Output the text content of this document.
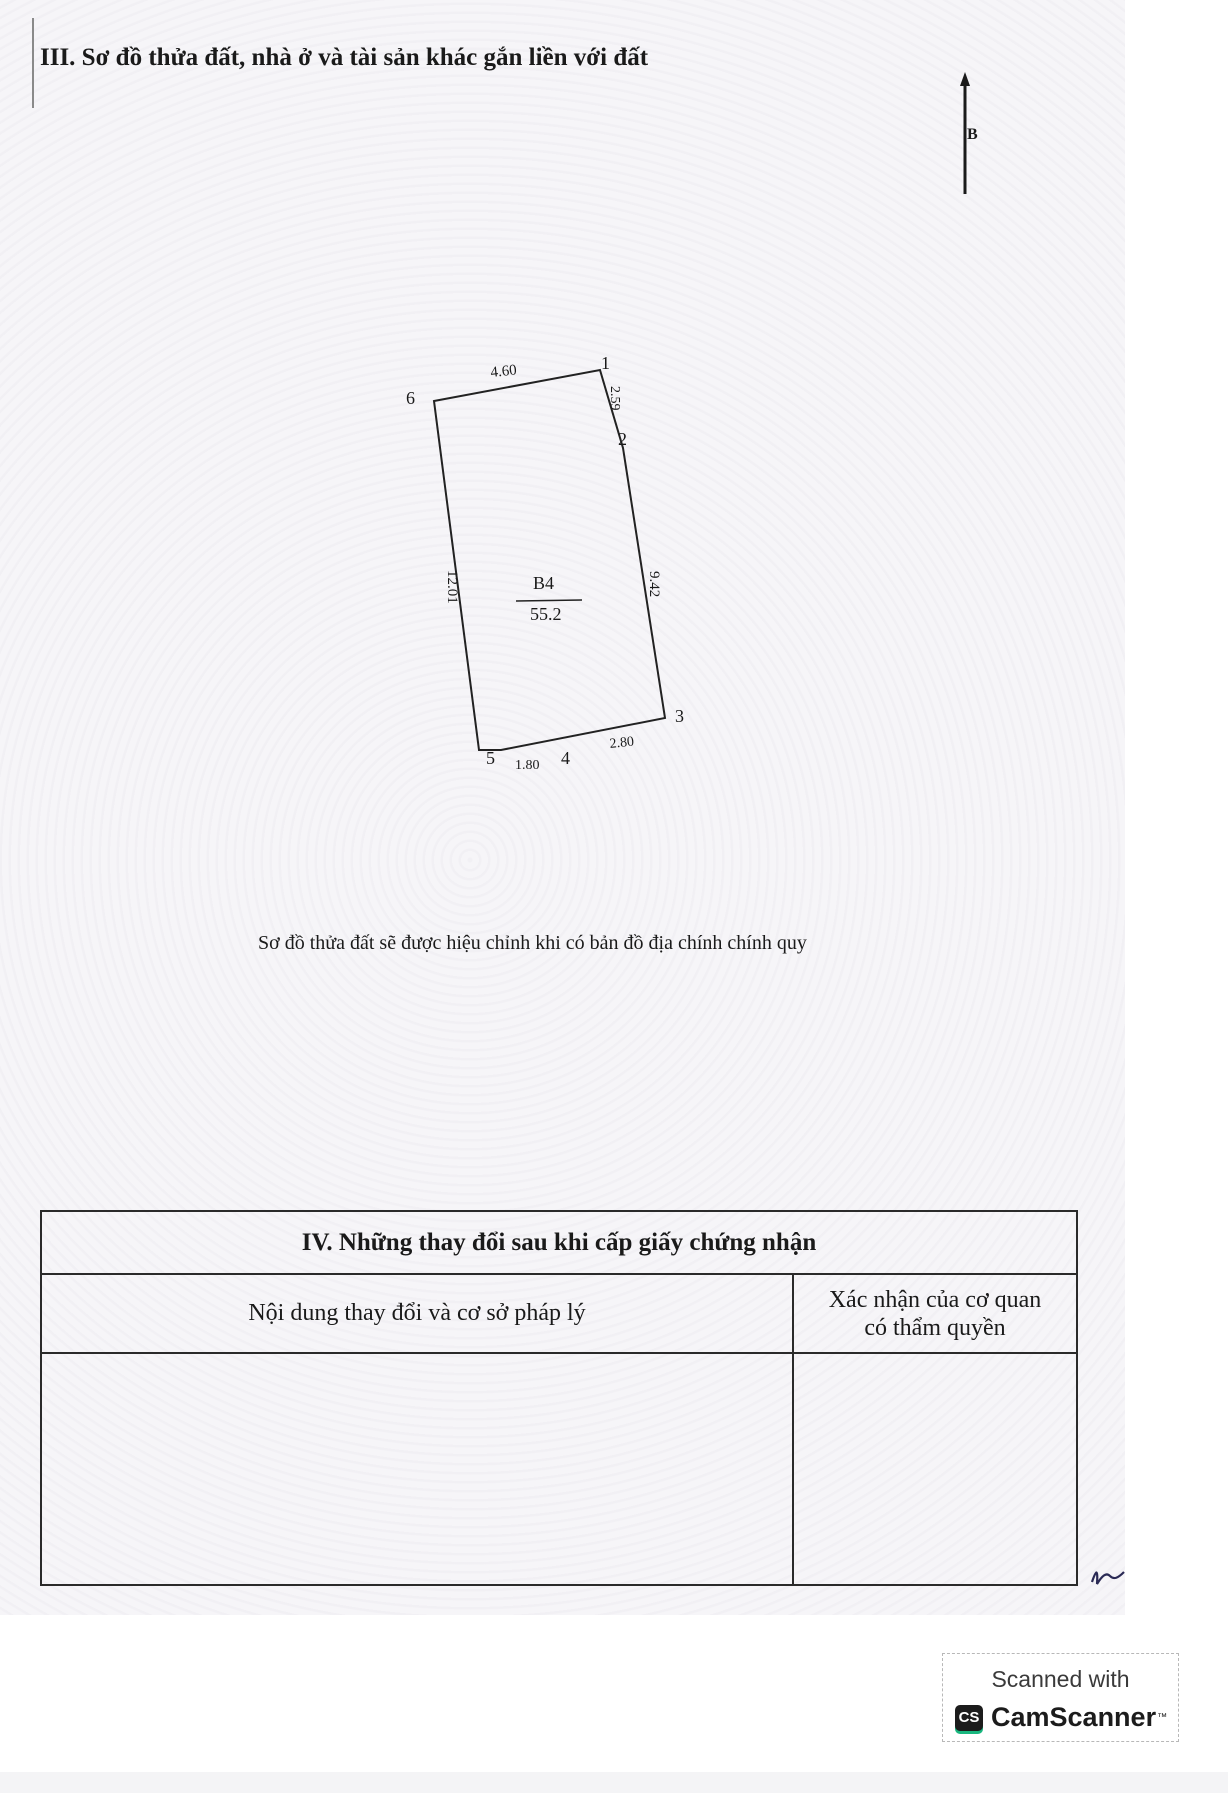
III. Sơ đồ thửa đất, nhà ở và tài sản khác gắn liền với đất
B
6
1
2
3
4
5
4.60
2.59
9.42
2.80
1.80
12.01	B4
55.2
Sơ đồ thửa đất sẽ được hiệu chỉnh khi có bản đồ địa chính chính quy
IV. Những thay đổi sau khi cấp giấy chứng nhận
Nội dung thay đổi và cơ sở pháp lý
Xác nhận của cơ quan
có thẩm quyền
Scanned with
CS CamScanner ™
